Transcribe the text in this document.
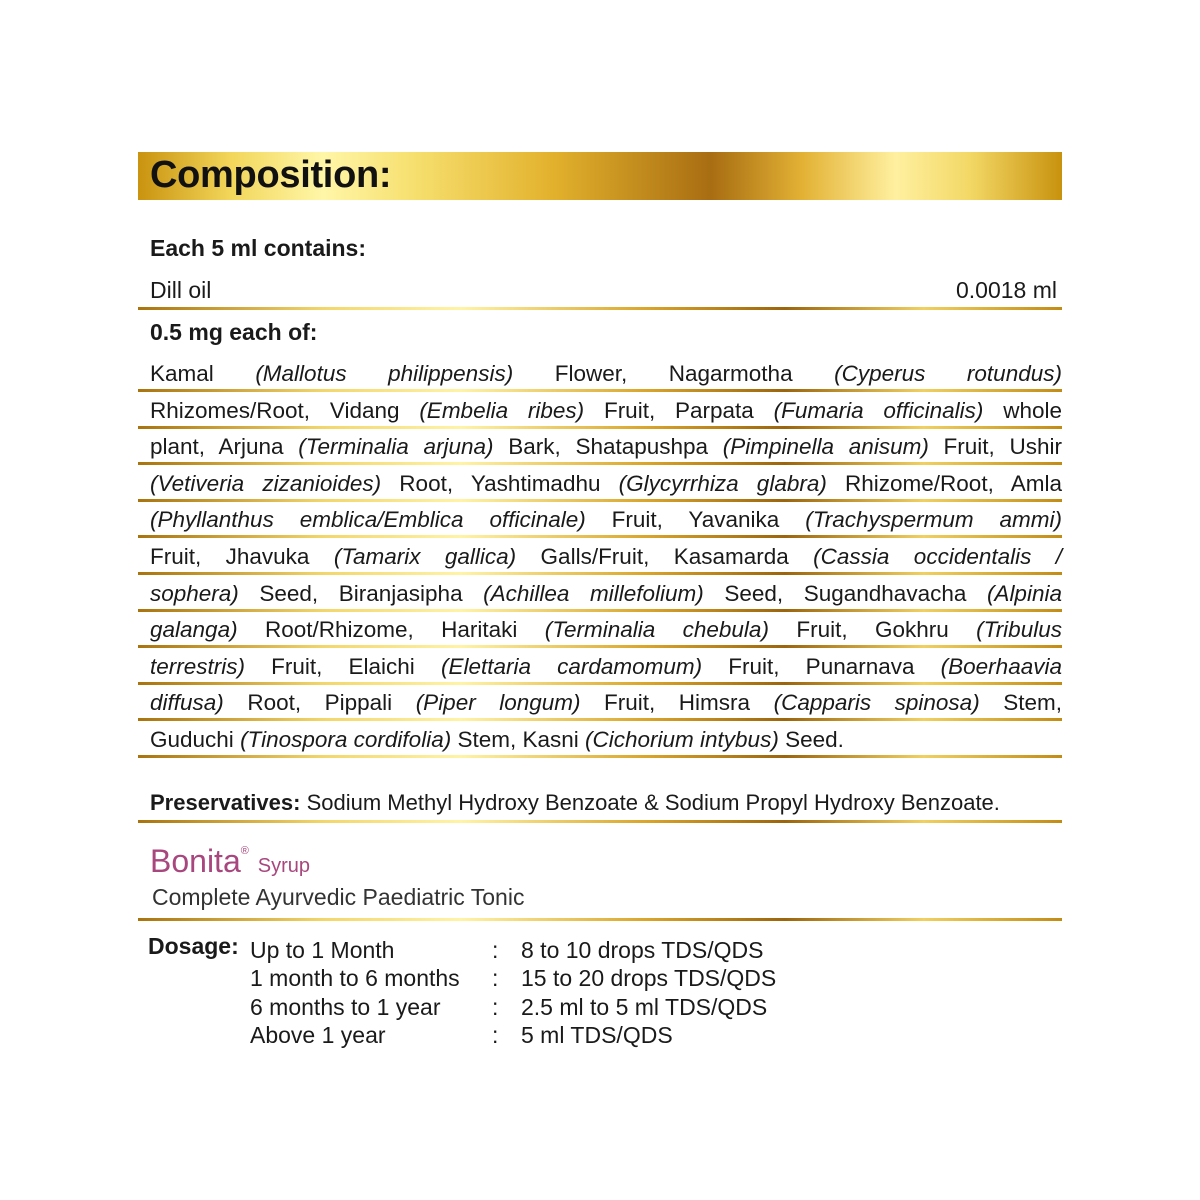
Composition:
Each 5 ml contains:
Dill oil	0.0018 ml
0.5 mg each of:
Kamal (Mallotus philippensis) Flower, Nagarmotha (Cyperus rotundus)
Rhizomes/Root, Vidang (Embelia ribes) Fruit, Parpata (Fumaria officinalis) whole
plant, Arjuna (Terminalia arjuna) Bark, Shatapushpa (Pimpinella anisum) Fruit, Ushir
(Vetiveria zizanioides) Root, Yashtimadhu (Glycyrrhiza glabra) Rhizome/Root, Amla
(Phyllanthus emblica/Emblica officinale) Fruit, Yavanika (Trachyspermum ammi)
Fruit, Jhavuka (Tamarix gallica) Galls/Fruit, Kasamarda (Cassia occidentalis /
sophera) Seed, Biranjasipha (Achillea millefolium) Seed, Sugandhavacha (Alpinia
galanga) Root/Rhizome, Haritaki (Terminalia chebula) Fruit, Gokhru (Tribulus
terrestris) Fruit, Elaichi (Elettaria cardamomum) Fruit, Punarnava (Boerhaavia
diffusa) Root, Pippali (Piper longum) Fruit, Himsra (Capparis spinosa) Stem,
Guduchi (Tinospora cordifolia) Stem, Kasni (Cichorium intybus) Seed.
Preservatives: Sodium Methyl Hydroxy Benzoate & Sodium Propyl Hydroxy Benzoate.
Bonita® Syrup
Complete Ayurvedic Paediatric Tonic
Dosage: Up to 1 Month	: 8 to 10 drops TDS/QDS
1 month to 6 months : 15 to 20 drops TDS/QDS
6 months to 1 year : 2.5 ml to 5 ml TDS/QDS
Above 1 year	: 5 ml TDS/QDS
